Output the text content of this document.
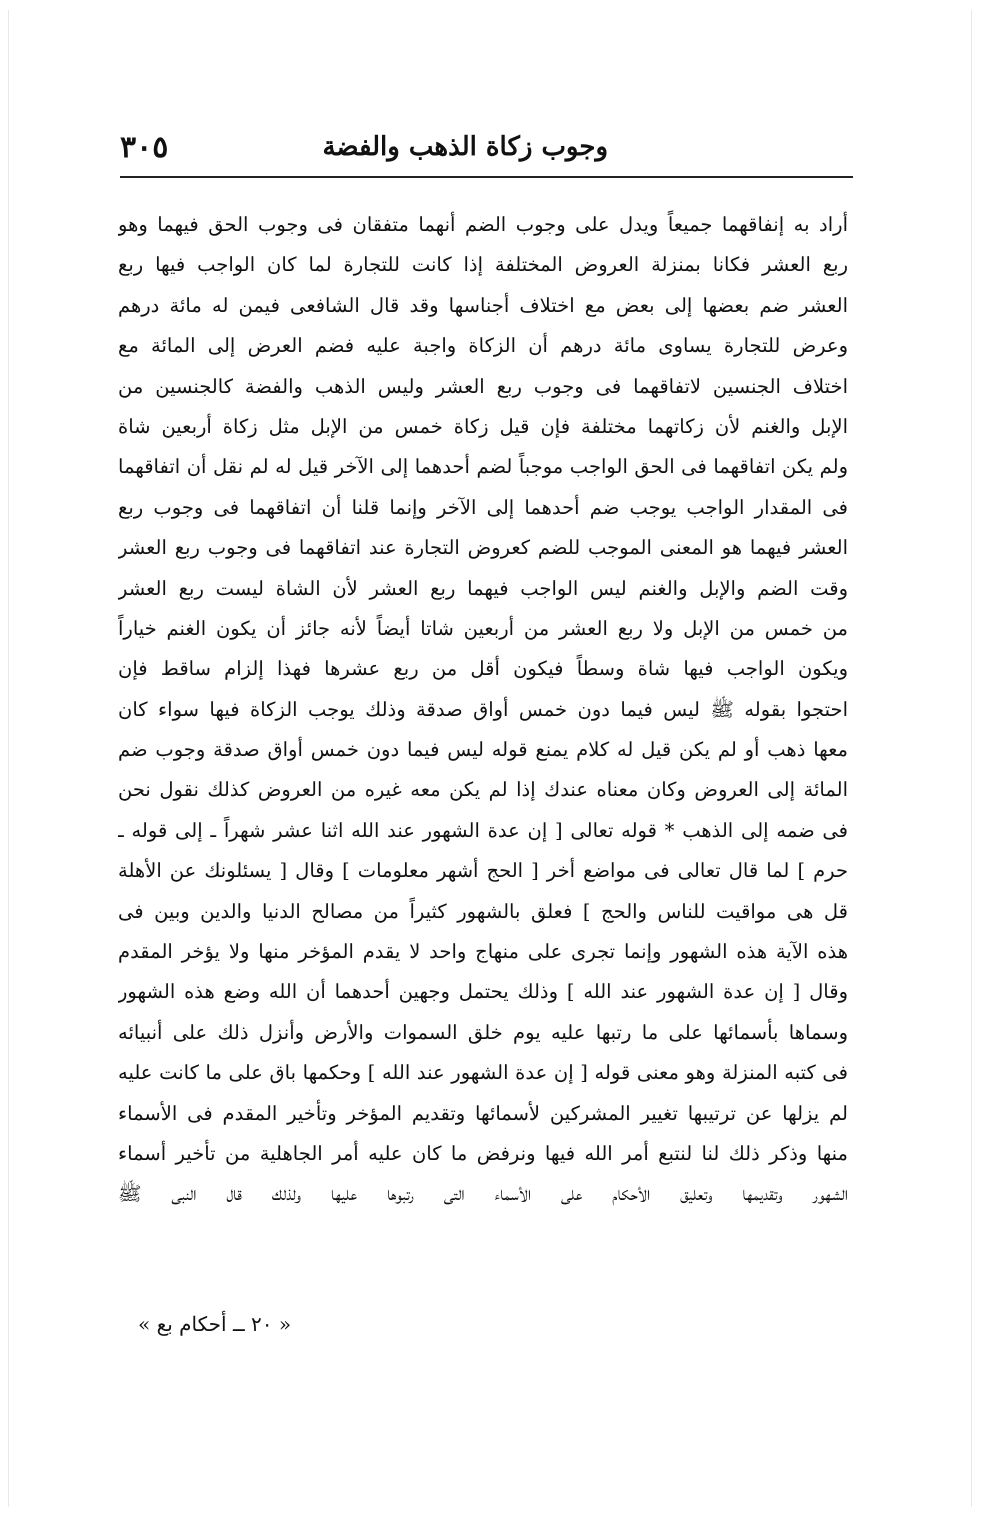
وجوب زكاة الذهب والفضة
٣٠٥
أراد به إنفاقهما جميعاً ويدل على وجوب الضم أنهما متفقان فى وجوب الحق فيهما وهو
ربع العشر فكانا بمنزلة العروض المختلفة إذا كانت للتجارة لما كان الواجب فيها ربع
العشر ضم بعضها إلى بعض مع اختلاف أجناسها وقد قال الشافعى فيمن له مائة درهم
وعرض للتجارة يساوى مائة درهم أن الزكاة واجبة عليه فضم العرض إلى المائة مع
اختلاف الجنسين لاتفاقهما فى وجوب ربع العشر وليس الذهب والفضة كالجنسين من
الإبل والغنم لأن زكاتهما مختلفة فإن قيل زكاة خمس من الإبل مثل زكاة أربعين شاة
ولم يكن اتفاقهما فى الحق الواجب موجباً لضم أحدهما إلى الآخر قيل له لم نقل أن اتفاقهما
فى المقدار الواجب يوجب ضم أحدهما إلى الآخر وإنما قلنا أن اتفاقهما فى وجوب ربع
العشر فيهما هو المعنى الموجب للضم كعروض التجارة عند اتفاقهما فى وجوب ربع العشر
وقت الضم والإبل والغنم ليس الواجب فيهما ربع العشر لأن الشاة ليست ربع العشر
من خمس من الإبل ولا ربع العشر من أربعين شاتا أيضاً لأنه جائز أن يكون الغنم خياراً
ويكون الواجب فيها شاة وسطاً فيكون أقل من ربع عشرها فهذا إلزام ساقط فإن
احتجوا بقوله ﷺ ليس فيما دون خمس أواق صدقة وذلك يوجب الزكاة فيها سواء كان
معها ذهب أو لم يكن قيل له كلام يمنع قوله ليس فيما دون خمس أواق صدقة وجوب ضم
المائة إلى العروض وكان معناه عندك إذا لم يكن معه غيره من العروض كذلك نقول نحن
فى ضمه إلى الذهب * قوله تعالى [ إن عدة الشهور عند الله اثنا عشر شهراً ـ إلى قوله ـ
حرم ] لما قال تعالى فى مواضع أخر [ الحج أشهر معلومات ] وقال [ يسئلونك عن الأهلة
قل هى مواقيت للناس والحج ] فعلق بالشهور كثيراً من مصالح الدنيا والدين وبين فى
هذه الآية هذه الشهور وإنما تجرى على منهاج واحد لا يقدم المؤخر منها ولا يؤخر المقدم
وقال [ إن عدة الشهور عند الله ] وذلك يحتمل وجهين أحدهما أن الله وضع هذه الشهور
وسماها بأسمائها على ما رتبها عليه يوم خلق السموات والأرض وأنزل ذلك على أنبيائه
فى كتبه المنزلة وهو معنى قوله [ إن عدة الشهور عند الله ] وحكمها باق على ما كانت عليه
لم يزلها عن ترتيبها تغيير المشركين لأسمائها وتقديم المؤخر وتأخير المقدم فى الأسماء
منها وذكر ذلك لنا لنتبع أمر الله فيها ونرفض ما كان عليه أمر الجاهلية من تأخير أسماء
الشهور وتقديمها وتعليق الأحكام على الأسماء التى رتبوها عليها ولذلك قال النبى ﷺ
« ٢٠ ــ أحكام بع »
